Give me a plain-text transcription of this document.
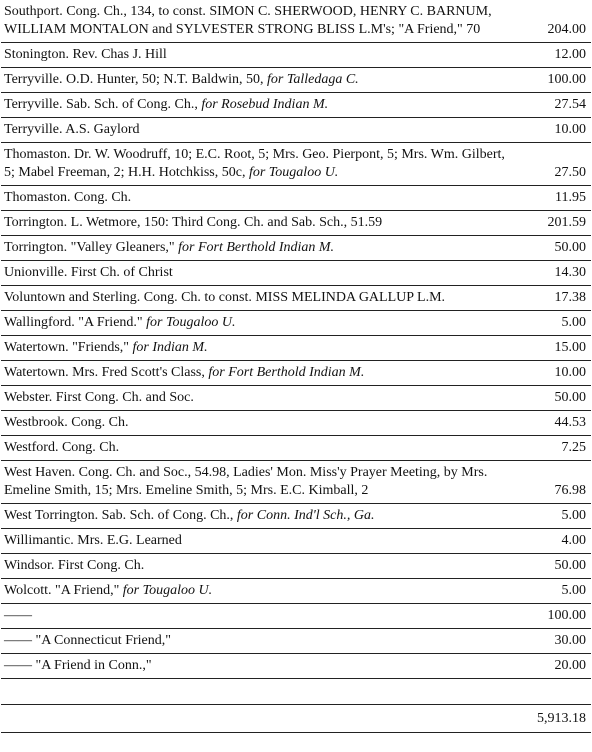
Southport. Cong. Ch., 134, to const. SIMON C. SHERWOOD, HENRY C. BARNUM, WILLIAM MONTALON and SYLVESTER STRONG BLISS L.M's; "A Friend," 70	204.00
Stonington. Rev. Chas J. Hill	12.00
Terryville. O.D. Hunter, 50; N.T. Baldwin, 50, for Talledaga C.	100.00
Terryville. Sab. Sch. of Cong. Ch., for Rosebud Indian M.	27.54
Terryville. A.S. Gaylord	10.00
Thomaston. Dr. W. Woodruff, 10; E.C. Root, 5; Mrs. Geo. Pierpont, 5; Mrs. Wm. Gilbert, 5; Mabel Freeman, 2; H.H. Hotchkiss, 50c, for Tougaloo U.	27.50
Thomaston. Cong. Ch.	11.95
Torrington. L. Wetmore, 150: Third Cong. Ch. and Sab. Sch., 51.59	201.59
Torrington. "Valley Gleaners," for Fort Berthold Indian M.	50.00
Unionville. First Ch. of Christ	14.30
Voluntown and Sterling. Cong. Ch. to const. MISS MELINDA GALLUP L.M.	17.38
Wallingford. "A Friend." for Tougaloo U.	5.00
Watertown. "Friends," for Indian M.	15.00
Watertown. Mrs. Fred Scott's Class, for Fort Berthold Indian M.	10.00
Webster. First Cong. Ch. and Soc.	50.00
Westbrook. Cong. Ch.	44.53
Westford. Cong. Ch.	7.25
West Haven. Cong. Ch. and Soc., 54.98, Ladies' Mon. Miss'y Prayer Meeting, by Mrs. Emeline Smith, 15; Mrs. Emeline Smith, 5; Mrs. E.C. Kimball, 2	76.98
West Torrington. Sab. Sch. of Cong. Ch., for Conn. Ind'l Sch., Ga.	5.00
Willimantic. Mrs. E.G. Learned	4.00
Windsor. First Cong. Ch.	50.00
Wolcott. "A Friend," for Tougaloo U.	5.00
——	100.00
—— "A Connecticut Friend,"	30.00
—— "A Friend in Conn.,"	20.00

	5,913.18
